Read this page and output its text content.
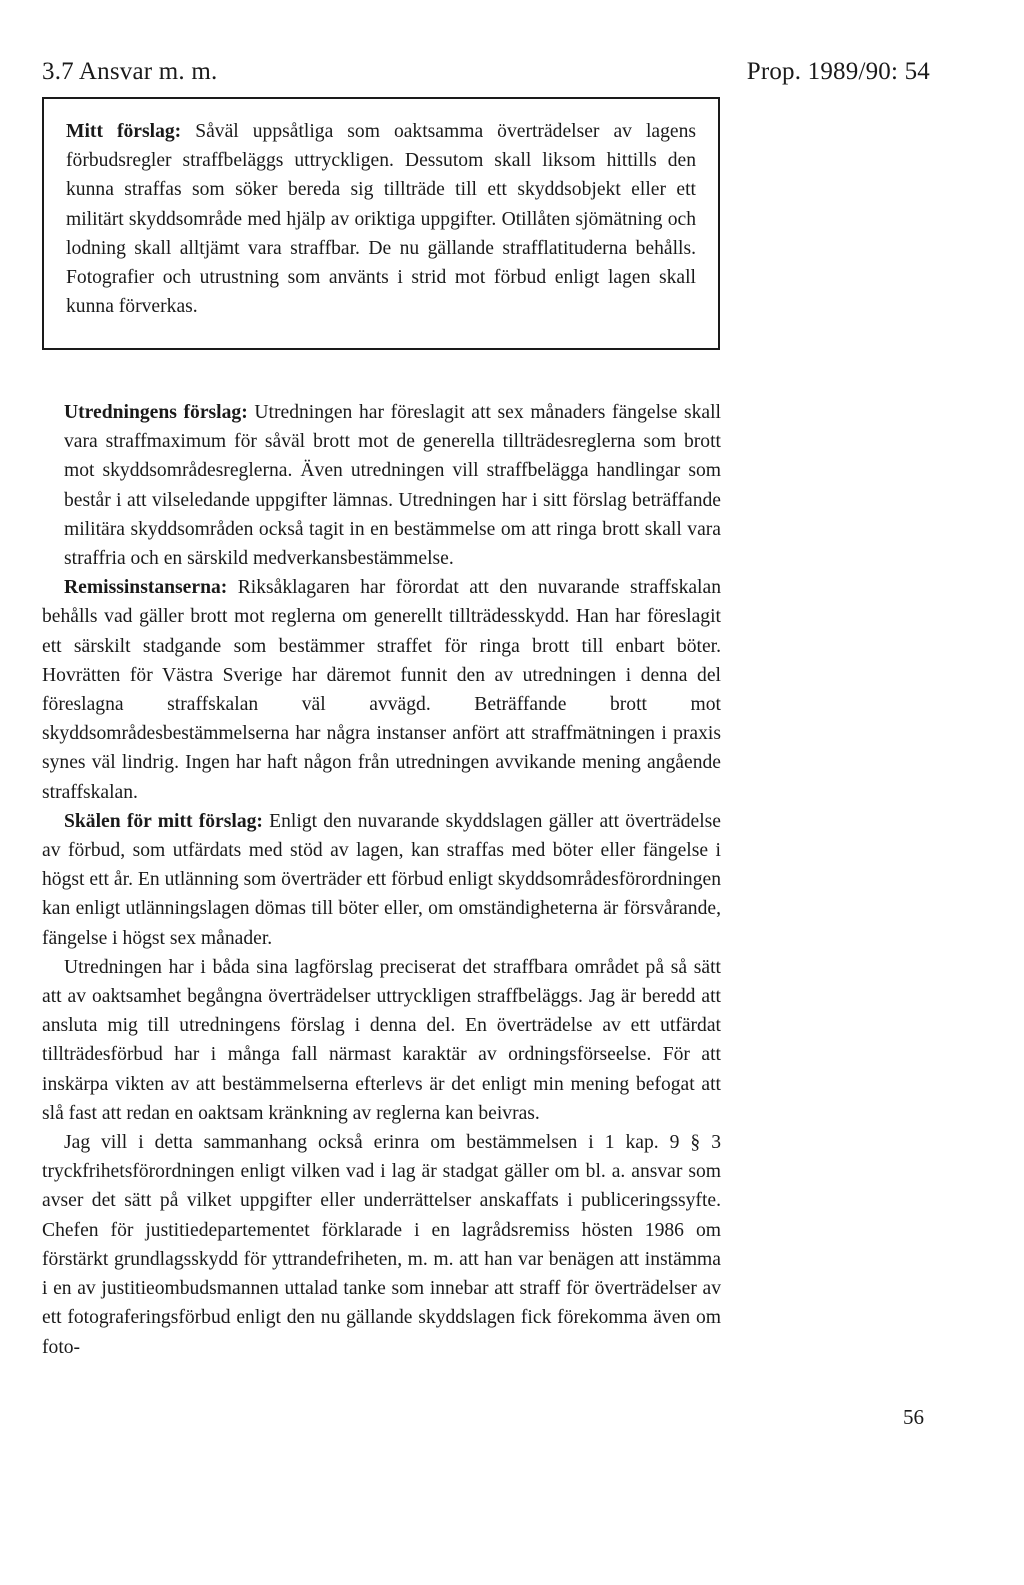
3.7 Ansvar m. m.	Prop. 1989/90: 54

Mitt förslag: Såväl uppsåtliga som oaktsamma överträdelser av lagens förbudsregler straffbeläggs uttryckligen. Dessutom skall liksom hittills den kunna straffas som söker bereda sig tillträde till ett skyddsobjekt eller ett militärt skyddsområde med hjälp av oriktiga uppgifter. Otillåten sjömätning och lodning skall alltjämt vara straffbar. De nu gällande strafflatituderna behålls. Fotografier och utrustning som använts i strid mot förbud enligt lagen skall kunna förverkas.

Utredningens förslag: Utredningen har föreslagit att sex månaders fängelse skall vara straffmaximum för såväl brott mot de generella tillträdesreglerna som brott mot skyddsområdesreglerna. Även utredningen vill straffbelägga handlingar som består i att vilseledande uppgifter lämnas. Utredningen har i sitt förslag beträffande militära skyddsområden också tagit in en bestämmelse om att ringa brott skall vara straffria och en särskild medverkansbestämmelse.

Remissinstanserna: Riksåklagaren har förordat att den nuvarande straffskalan behålls vad gäller brott mot reglerna om generellt tillträdesskydd. Han har föreslagit ett särskilt stadgande som bestämmer straffet för ringa brott till enbart böter. Hovrätten för Västra Sverige har däremot funnit den av utredningen i denna del föreslagna straffskalan väl avvägd. Beträffande brott mot skyddsområdesbestämmelserna har några instanser anfört att straffmätningen i praxis synes väl lindrig. Ingen har haft någon från utredningen avvikande mening angående straffskalan.

Skälen för mitt förslag: Enligt den nuvarande skyddslagen gäller att överträdelse av förbud, som utfärdats med stöd av lagen, kan straffas med böter eller fängelse i högst ett år. En utlänning som överträder ett förbud enligt skyddsområdesförordningen kan enligt utlänningslagen dömas till böter eller, om omständigheterna är försvårande, fängelse i högst sex månader.

Utredningen har i båda sina lagförslag preciserat det straffbara området på så sätt att av oaktsamhet begångna överträdelser uttryckligen straffbeläggs. Jag är beredd att ansluta mig till utredningens förslag i denna del. En överträdelse av ett utfärdat tillträdesförbud har i många fall närmast karaktär av ordningsförseelse. För att inskärpa vikten av att bestämmelserna efterlevs är det enligt min mening befogat att slå fast att redan en oaktsam kränkning av reglerna kan beivras.

Jag vill i detta sammanhang också erinra om bestämmelsen i 1 kap. 9 § 3 tryckfrihetsförordningen enligt vilken vad i lag är stadgat gäller om bl. a. ansvar som avser det sätt på vilket uppgifter eller underrättelser anskaffats i publiceringssyfte. Chefen för justitiedepartementet förklarade i en lagrådsremiss hösten 1986 om förstärkt grundlagsskydd för yttrandefriheten, m. m. att han var benägen att instämma i en av justitieombudsmannen uttalad tanke som innebar att straff för överträdelser av ett fotograferingsförbud enligt den nu gällande skyddslagen fick förekomma även om foto-

56
